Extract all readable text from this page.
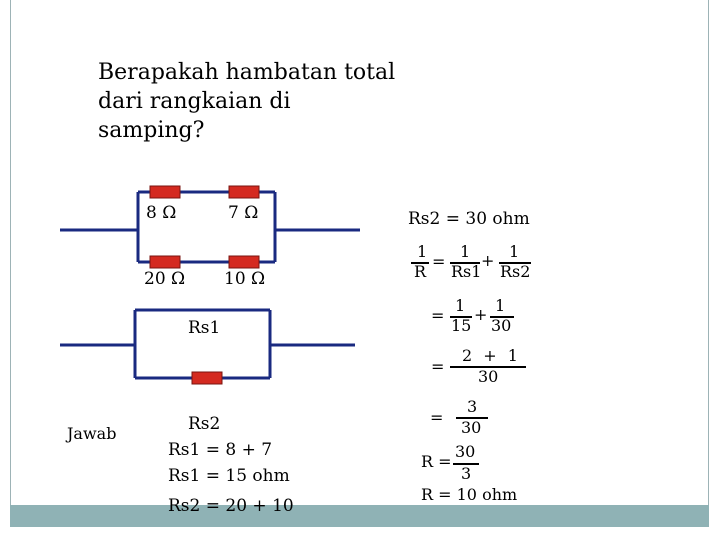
Berapakah hambatan total dari rangkaian di samping?
8 Ω	7 Ω
20 Ω 10 Ω
Rs1
Jawab	Rs2
Rs1 = 8 + 7
Rs1 = 15 ohm
Rs2 = 20 + 10
Rs2 = 30 ohm
1
R
=
1
Rs1
+ 1
Rs2
=
1
15
+ 1
30
=
2 + 1
30
=
3
30
R =
30
3
R = 10 ohm
